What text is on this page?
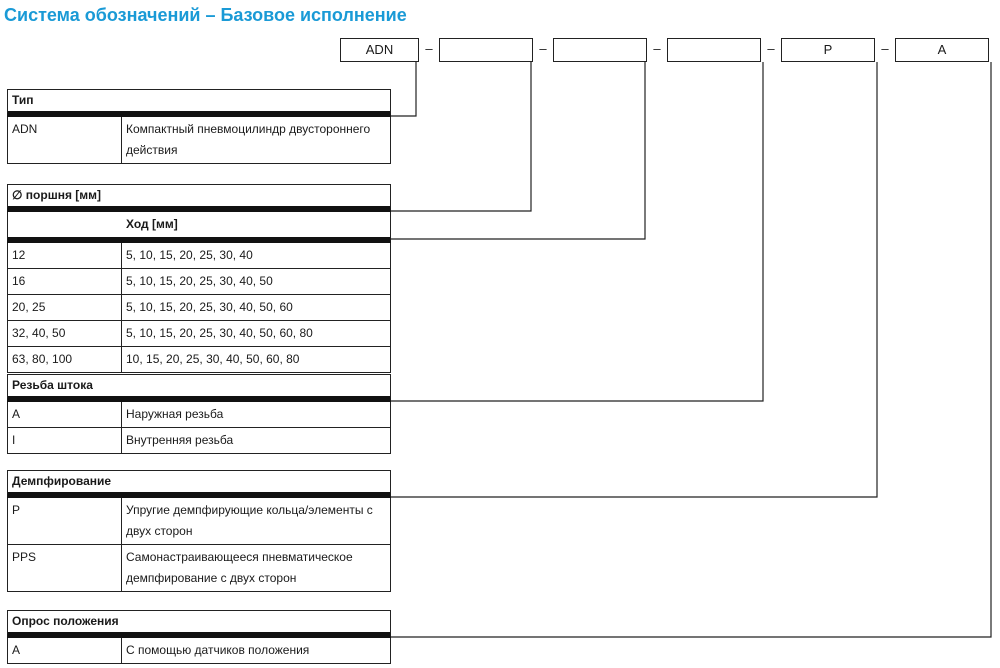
Система обозначений – Базовое исполнение
ADN	–	–	–	–	P	–	A
Тип
ADN	Компактный пневмоцилиндр двустороннего действия
∅ поршня [мм]
Ход [мм]
12	5, 10, 15, 20, 25, 30, 40
16	5, 10, 15, 20, 25, 30, 40, 50
20, 25	5, 10, 15, 20, 25, 30, 40, 50, 60
32, 40, 50	5, 10, 15, 20, 25, 30, 40, 50, 60, 80
63, 80, 100	10, 15, 20, 25, 30, 40, 50, 60, 80
Резьба штока
A	Наружная резьба
I	Внутренняя резьба
Демпфирование
P	Упругие демпфирующие кольца/элементы с двух сторон
PPS	Самонастраивающееся пневматическое демпфирование с двух сторон
Опрос положения
A	С помощью датчиков положения
